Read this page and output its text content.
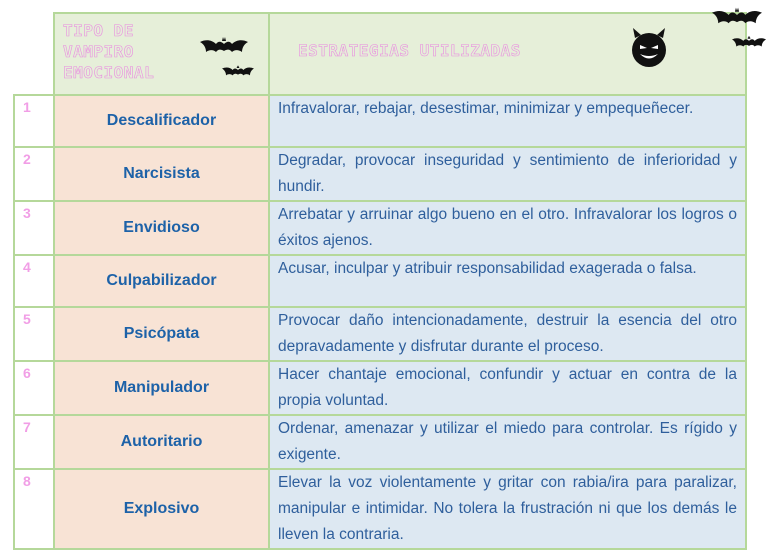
	TIPO DE VAMPIRO EMOCIONAL	ESTRATEGIAS UTILIZADAS

1	Descalificador	Infravalorar, rebajar, desestimar, minimizar y empequeñecer.

2	Narcisista	Degradar, provocar inseguridad y sentimiento de inferioridad y hundir.

3	Envidioso	Arrebatar y arruinar algo bueno en el otro. Infravalorar los logros o éxitos ajenos.

4	Culpabilizador	Acusar, inculpar y atribuir responsabilidad exagerada o falsa.

5	Psicópata	Provocar daño intencionadamente, destruir la esencia del otro depravadamente y disfrutar durante el proceso.

6	Manipulador	Hacer chantaje emocional, confundir y actuar en contra de la propia voluntad.

7	Autoritario	Ordenar, amenazar y utilizar el miedo para controlar. Es rígido y exigente.

8	Explosivo	Elevar la voz violentamente y gritar con rabia/ira para paralizar, manipular e intimidar. No tolera la frustración ni que los demás le lleven la contraria.
